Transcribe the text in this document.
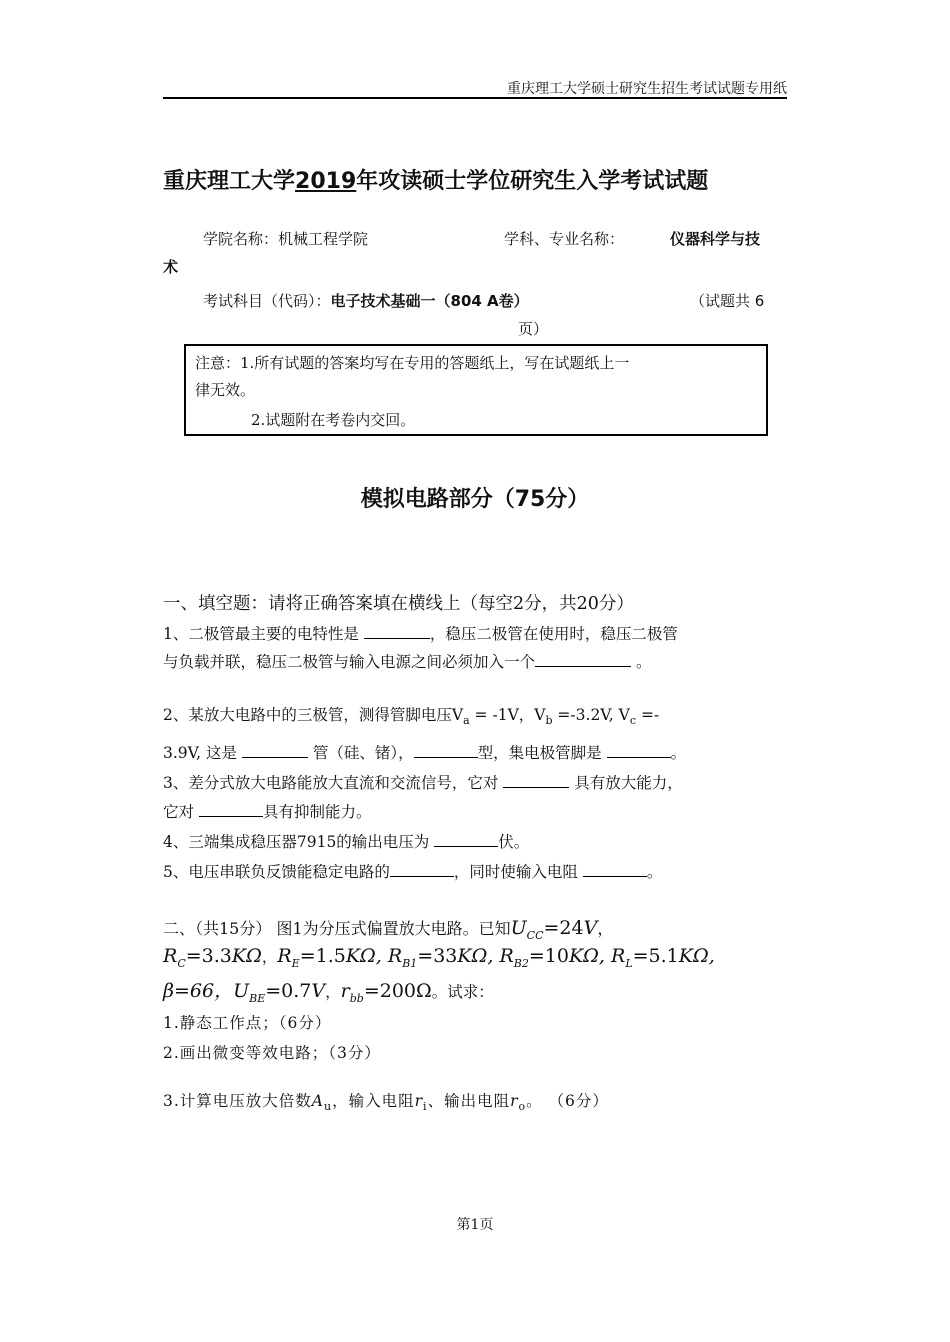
重庆理工大学硕士研究生招生考试试题专用纸
重庆理工大学2019年攻读硕士学位研究生入学考试试题
学院名称：机械工程学院	学科、专业名称：	仪器科学与技
术
考试科目（代码）：电子技术基础一（804 A卷）	（试题共 6
页）
注意：1.所有试题的答案均写在专用的答题纸上，写在试题纸上一
律无效。
2.试题附在考卷内交回。
模拟电路部分（75分）
一、填空题：请将正确答案填在横线上（每空2分，共20分）
1、二极管最主要的电特性是	，稳压二极管在使用时，稳压二极管
与负载并联，稳压二极管与输入电源之间必须加入一个	。
2、某放大电路中的三极管，测得管脚电压$V_a = -1V$，$V_b =-3.2V$, $V_c$ =-
3.9V, 这是	管（硅、锗），	型，集电极管脚是	。
3、差分式放大电路能放大直流和交流信号，它对	具有放大能力，
它对	具有抑制能力。
4、三端集成稳压器7915的输出电压为	伏。
5、电压串联负反馈能稳定电路的	，同时使输入电阻	。
二、（共15分） 图1为分压式偏置放大电路。已知$U_{CC}=24V$，
$R_C=3.3K\Omega$，$R_E=1.5K\Omega$, $R_{B1}=33K\Omega$, $R_{B2}=10K\Omega$, $R_L=5.1K\Omega$,
β=66，$U_{BE}=0.7V$，$r_{bb}=200\Omega$。试求：
1.静态工作点；（6分）
2.画出微变等效电路；（3分）
3.计算电压放大倍数$A_u$，输入电阻$r_i$、输出电阻$r_o$。 （6分）
第1页
